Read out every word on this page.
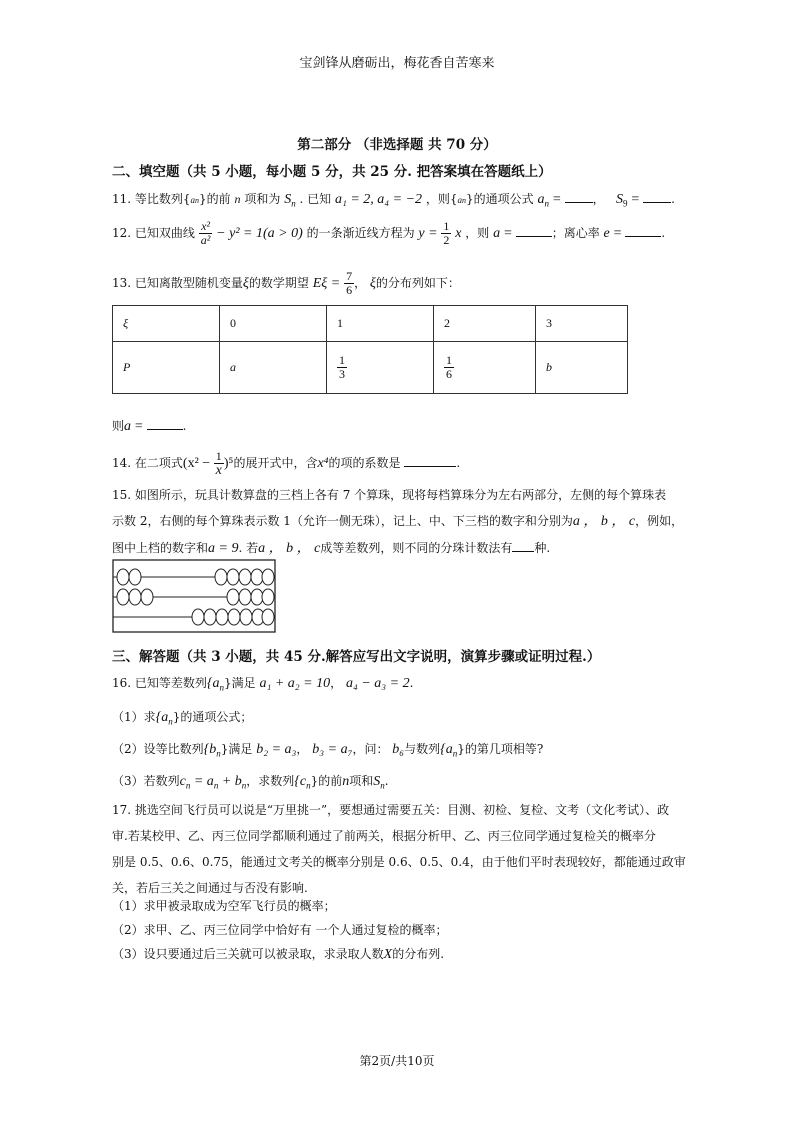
宝剑锋从磨砺出，梅花香自苦寒来
第二部分 （非选择题 共 70 分）
二、填空题（共 5 小题，每小题 5 分，共 25 分. 把答案填在答题纸上）
11. 等比数列{an}的前 n 项和为 $S_n$ . 已知 a₁ = 2, a₄ = −2 ，则{an}的通项公式 $a_n$ =	， $S_9$ =	.
12. 已知双曲线 $\frac{\text{x²}}{\text{a²}} - y^2 = 1(a > 0)$ 的一条渐近线方程为 $y = \frac{1}{2}$ x ，则 a =	；离心率 e =	.
13. 已知离散型随机变量ξ的数学期望 $E\xi = \frac{7}{6}$ ， ξ的分布列如下：
ξ	0	1	2	3
P	a	$\frac{1}{3}$	$\frac{1}{6}$	b
则a =	.
14. 在二项式$(x^2 - \frac{1}{x} )^5$的展开式中，含x⁴的项的系数是	.
15. 如图所示，玩具计数算盘的三档上各有 7 个算珠，现将每档算珠分为左右两部分，左侧的每个算珠表
示数 2，右侧的每个算珠表示数 1（允许一侧无珠），记上、中、下三档的数字和分别为a ， b ， c，例如，
图中上档的数字和a = 9. 若a ， b ， c成等差数列，则不同的分珠计数法有 种.
三、解答题（共 3 小题，共 45 分.解答应写出文字说明，演算步骤或证明过程.）
16. 已知等差数列$\{a_n\}$满足 a₁ + a₂ = 10， a₄ − a₃ = 2.
（1）求$\{a_n\}$的通项公式；
（2）设等比数列$\{b_n\}$满足 b₂ = a₃， b₃ = a₇，问： b₆与数列$\{a_n\}$的第几项相等?
（3）若数列$c_n = a_n + b_n$，求数列$\{c_n\}$的前n项和$S_n$.
17. 挑选空间飞行员可以说是“万里挑一”，要想通过需要五关：目测、初检、复检、文考（文化考试）、政
审.若某校甲、乙、丙三位同学都顺利通过了前两关，根据分析甲、乙、丙三位同学通过复检关的概率分
别是 0.5、0.6、0.75，能通过文考关的概率分别是 0.6、0.5、0.4，由于他们平时表现较好，都能通过政审
关，若后三关之间通过与否没有影响.
（1）求甲被录取成为空军飞行员的概率；
（2）求甲、乙、丙三位同学中恰好有 一个人通过复检的概率；
（3）设只要通过后三关就可以被录取，求录取人数X的分布列.
第2页/共10页
